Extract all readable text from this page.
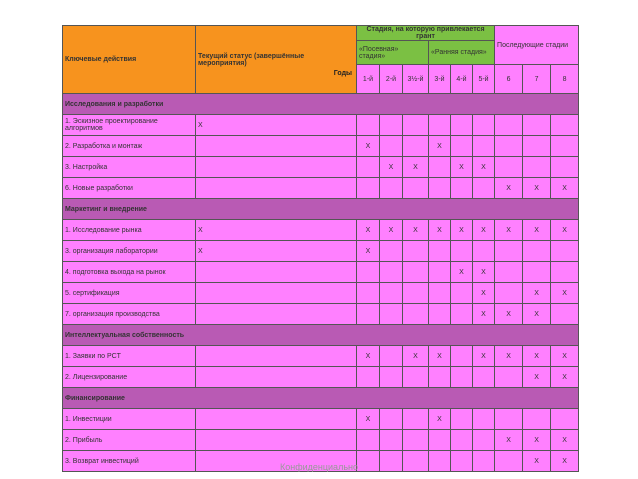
Ключевые действия	Текущий статус (завершённые мероприятия)	Стадия, на которую привлекается грант						Последующие стадии		
		«Посевная» стадия»			«Ранняя стадия»					
		1-й	2-й	3½-й	3-й	4-й	5-й	6	7	8
Исследования и разработки										
1. Эскизное проектирование алгоритмов	X									
2. Разработка и монтаж		X			X					
3. Настройка			X	X		X	X			
6. Новые разработки								X	X	X
Маркетинг и внедрение										
1. Исследование рынка	X	X	X	X	X	X	X	X	X	X
3. организация лаборатории	X	X								
4. подготовка выхода на рынок						X	X			
5. сертификация							X		X	X
7. организация производства							X	X	X	
Интеллектуальная собственность										
1. Заявки по PCT		X		X	X		X	X	X	X
2. Лицензирование									X	X
Финансирование										
1. Инвестиции		X			X					
2. Прибыль								X	X	X
3. Возврат инвестиций									X	X
Конфиденциально
Годы
